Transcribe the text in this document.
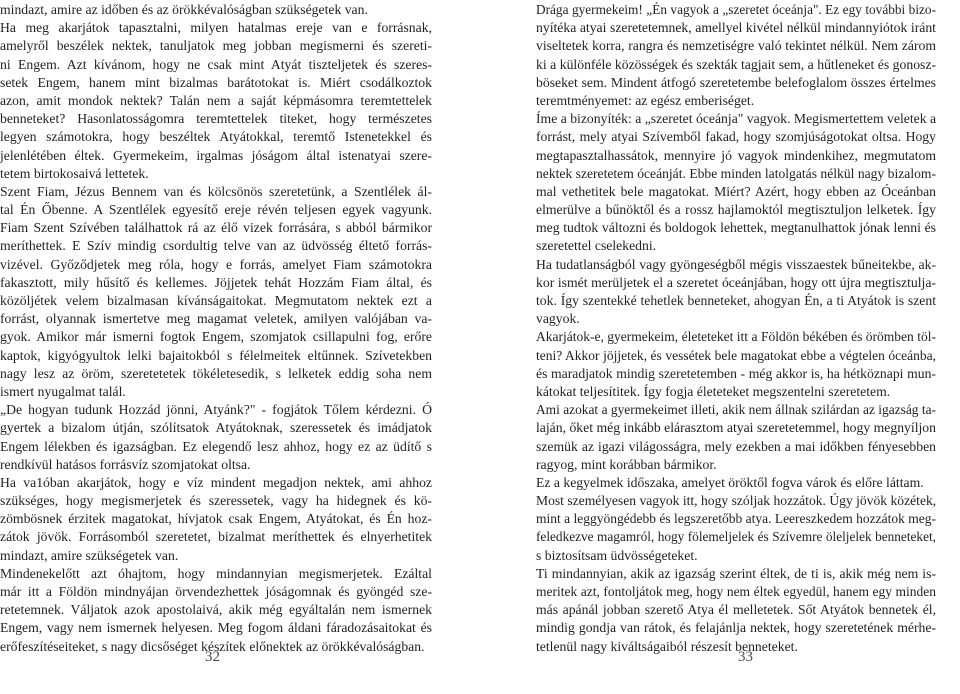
mindazt, amire az időben és az örökkévalóságban szükségetek van.
Ha meg akarjátok tapasztalni, milyen hatalmas ereje van e forrásnak,
amelyről beszélek nektek, tanuljatok meg jobban megismerni és szereti-
ni Engem. Azt kívánom, hogy ne csak mint Atyát tiszteljetek és szeres-
setek Engem, hanem mint bizalmas barátotokat is. Miért csodálkoztok
azon, amit mondok nektek? Talán nem a saját képmásomra teremtettelek
benneteket? Hasonlatosságomra teremtettelek titeket, hogy természetes
legyen számotokra, hogy beszéltek Atyátokkal, teremtő Istenetekkel és
jelenlétében éltek. Gyermekeim, irgalmas jóságom által istenatyai szere-
tetem birtokosaivá lettetek.
Szent Fiam, Jézus Bennem van és kölcsönös szeretetünk, a Szentlélek ál-
tal Én Őbenne. A Szentlélek egyesítő ereje révén teljesen egyek vagyunk.
Fiam Szent Szívében találhattok rá az élő vizek forrására, s abból bármikor
meríthettek. E Szív mindig csordultig telve van az üdvösség éltető forrás-
vizével. Győződjetek meg róla, hogy e forrás, amelyet Fiam számotokra
fakasztott, mily hűsítő és kellemes. Jöjjetek tehát Hozzám Fiam által, és
közöljétek velem bizalmasan kívánságaitokat. Megmutatom nektek ezt a
forrást, olyannak ismertetve meg magamat veletek, amilyen valójában va-
gyok. Amikor már ismerni fogtok Engem, szomjatok csillapulni fog, erőre
kaptok, kigyógyultok lelki bajaitokból s félelmeitek eltűnnek. Szívetekben
nagy lesz az öröm, szeretetetek tökéletesedik, s lelketek eddig soha nem
ismert nyugalmat talál.
„De hogyan tudunk Hozzád jönni, Atyánk?" - fogjátok Tőlem kérdezni. Ó
gyertek a bizalom útján, szólítsatok Atyátoknak, szeressetek és imádjatok
Engem lélekben és igazságban. Ez elegendő lesz ahhoz, hogy ez az üdítő s
rendkívül hatásos forrásvíz szomjatokat oltsa.
Ha va1óban akarjátok, hogy e víz mindent megadjon nektek, ami ahhoz
szükséges, hogy megismerjetek és szeressetek, vagy ha hidegnek és kö-
zömbösnek érzitek magatokat, hívjatok csak Engem, Atyátokat, és Én hoz-
zátok jövök. Forrásomból szeretetet, bizalmat meríthettek és elnyerhetitek
mindazt, amire szükségetek van.
Mindenekelőtt azt óhajtom, hogy mindannyian megismerjetek. Ezáltal
már itt a Földön mindnyájan örvendezhettek jóságomnak és gyöngéd sze-
retetemnek. Váljatok azok apostolaivá, akik még egyáltalán nem ismernek
Engem, vagy nem ismernek helyesen. Meg fogom áldani fáradozásaitokat és
erőfeszítéseiteket, s nagy dicsőséget készítek előnektek az örökkévalóságban.
32
Drága gyermekeim! „Én vagyok a „szeretet óceánja". Ez egy további bizo-
nyítéka atyai szeretetemnek, amellyel kivétel nélkül mindannyiótok iránt
viseltetek korra, rangra és nemzetiségre való tekintet nélkül. Nem zárom
ki a különféle közösségek és szekták tagjait sem, a hűtleneket és gonosz-
böseket sem. Mindent átfogó szeretetembe belefoglalom összes értelmes
teremtményemet: az egész emberiséget.
Íme a bizonyíték: a „szeretet óceánja" vagyok. Megismertettem veletek a
forrást, mely atyai Szívemből fakad, hogy szomjúságotokat oltsa. Hogy
megtapasztalhassátok, mennyire jó vagyok mindenkihez, megmutatom
nektek szeretetem óceánját. Ebbe minden latolgatás nélkül nagy bizalom-
mal vethetitek bele magatokat. Miért? Azért, hogy ebben az Óceánban
elmerülve a bűnöktől és a rossz hajlamoktól megtisztuljon lelketek. Így
meg tudtok változni és boldogok lehettek, megtanulhattok jónak lenni és
szeretettel cselekedni.
Ha tudatlanságból vagy gyöngeségből mégis visszaestek bűneitekbe, ak-
kor ismét merüljetek el a szeretet óceánjában, hogy ott újra megtisztulja-
tok. Így szentekké tehetlek benneteket, ahogyan Én, a ti Atyátok is szent
vagyok.
Akarjátok-e, gyermekeim, életeteket itt a Földön békében és örömben töl-
teni? Akkor jöjjetek, és vessétek bele magatokat ebbe a végtelen óceánba,
és maradjatok mindig szeretetemben - még akkor is, ha hétköznapi mun-
kátokat teljesítitek. Így fogja életeteket megszentelni szeretetem.
Ami azokat a gyermekeimet illeti, akik nem állnak szilárdan az igazság ta-
laján, őket még inkább elárasztom atyai szeretetemmel, hogy megnyíljon
szemük az igazi világosságra, mely ezekben a mai időkben fényesebben
ragyog, mint korábban bármikor.
Ez a kegyelmek időszaka, amelyet öröktől fogva várok és előre láttam.
Most személyesen vagyok itt, hogy szóljak hozzátok. Úgy jövök közétek,
mint a leggyöngédebb és legszeretőbb atya. Leereszkedem hozzátok meg-
feledkezve magamról, hogy fölemeljelek és Szívemre öleljelek benneteket,
s biztosítsam üdvösségeteket.
Ti mindannyian, akik az igazság szerint éltek, de ti is, akik még nem is-
meritek azt, fontoljátok meg, hogy nem éltek egyedül, hanem egy minden
más apánál jobban szerető Atya él melletetek. Sőt Atyátok bennetek él,
mindig gondja van rátok, és felajánlja nektek, hogy szeretetének mérhe-
tetlenül nagy kiváltságaiból részesít benneteket.
33
